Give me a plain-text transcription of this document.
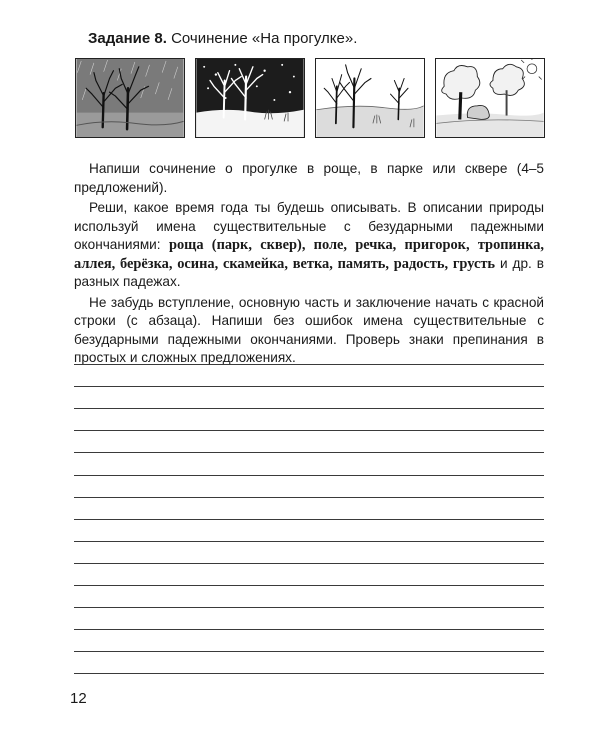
Задание 8. Сочинение «На прогулке».

Напиши сочинение о прогулке в роще, в парке или сквере (4–5 предложений).

Реши, какое время года ты будешь описывать. В описании природы используй имена существительные с безударными падежными окончаниями: роща (парк, сквер), поле, речка, пригорок, тропинка, аллея, берёзка, осина, скамейка, ветка, память, радость, грусть и др. в разных падежах.

Не забудь вступление, основную часть и заключение начать с красной строки (с абзаца). Напиши без ошибок имена существительные с безударными падежными окончаниями. Проверь знаки препинания в простых и сложных предложениях.

12
